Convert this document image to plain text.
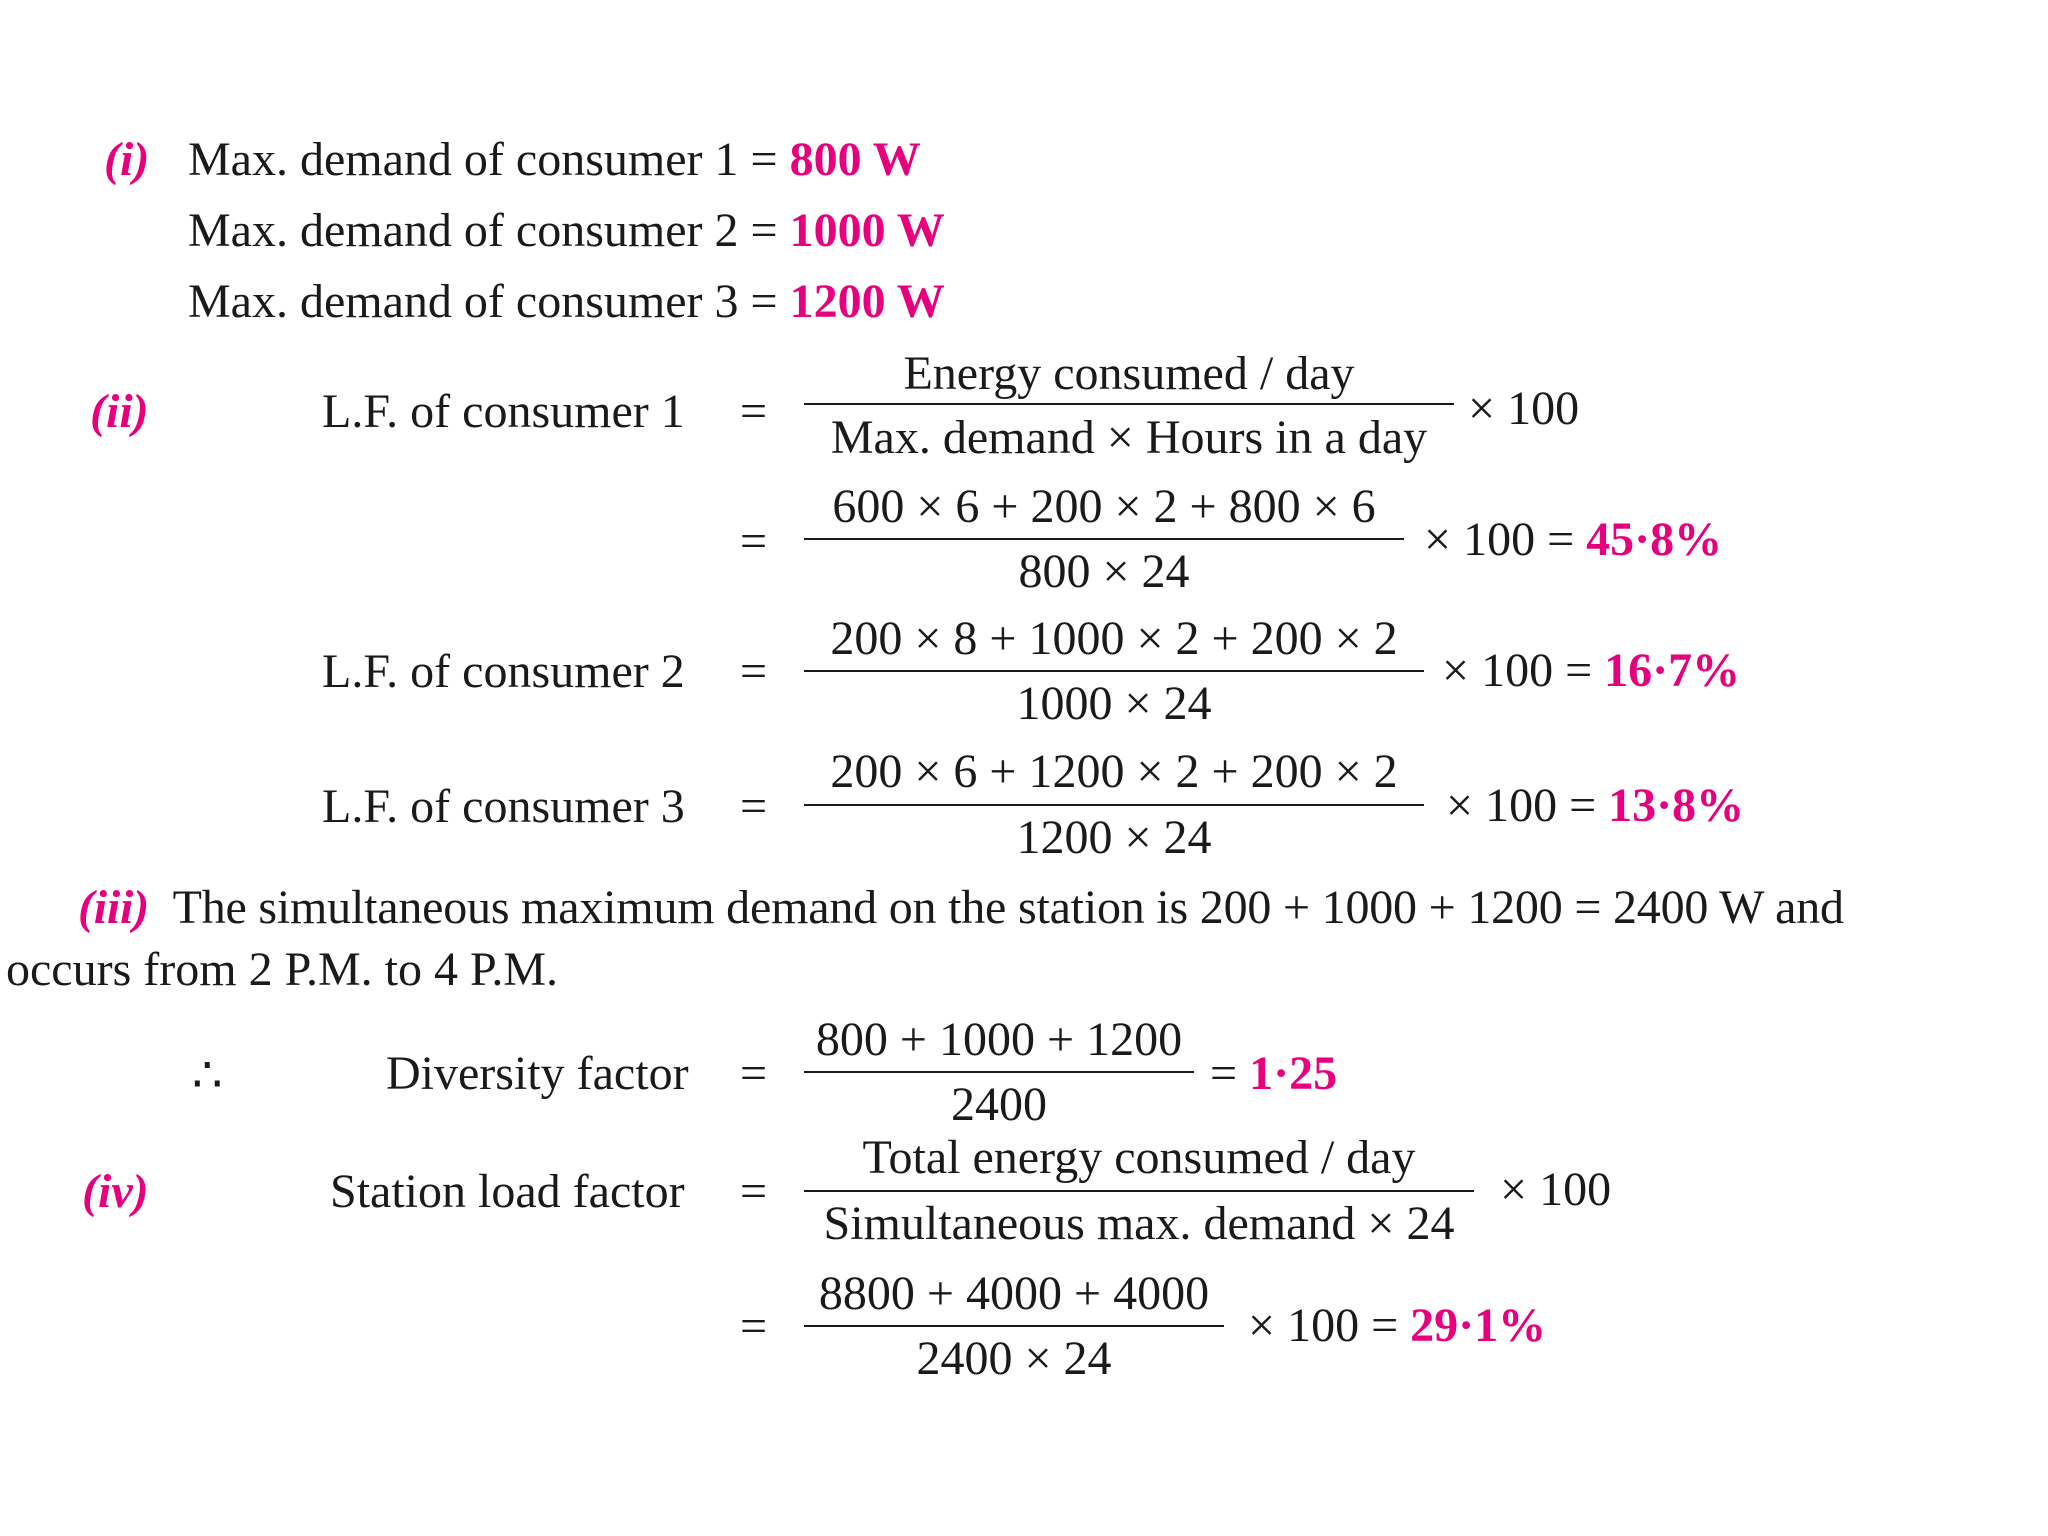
(i) Max. demand of consumer 1 = 800 W
Max. demand of consumer 2 = 1000 W
Max. demand of consumer 3 = 1200 W
(ii)	L.F. of consumer 1 =
Energy consumed / day
Max. demand × Hours in a day
× 100
=
600 × 6 + 200 × 2 + 800 × 6
800 × 24
× 100 = 45·8%
L.F. of consumer 2 =
200 × 8 + 1000 × 2 + 200 × 2
1000 × 24
× 100 = 16·7%
L.F. of consumer 3 =
200 × 6 + 1200 × 2 + 200 × 2
1200 × 24
× 100 = 13·8%
(iii) The simultaneous maximum demand on the station is 200 + 1000 + 1200 = 2400 W and
occurs from 2 P.M. to 4 P.M.
∴	Diversity factor =
800 + 1000 + 1200
2400
= 1·25
(iv)	Station load factor =
Total energy consumed / day
Simultaneous max. demand × 24
× 100
=
8800 + 4000 + 4000
2400 × 24
× 100 = 29·1%
